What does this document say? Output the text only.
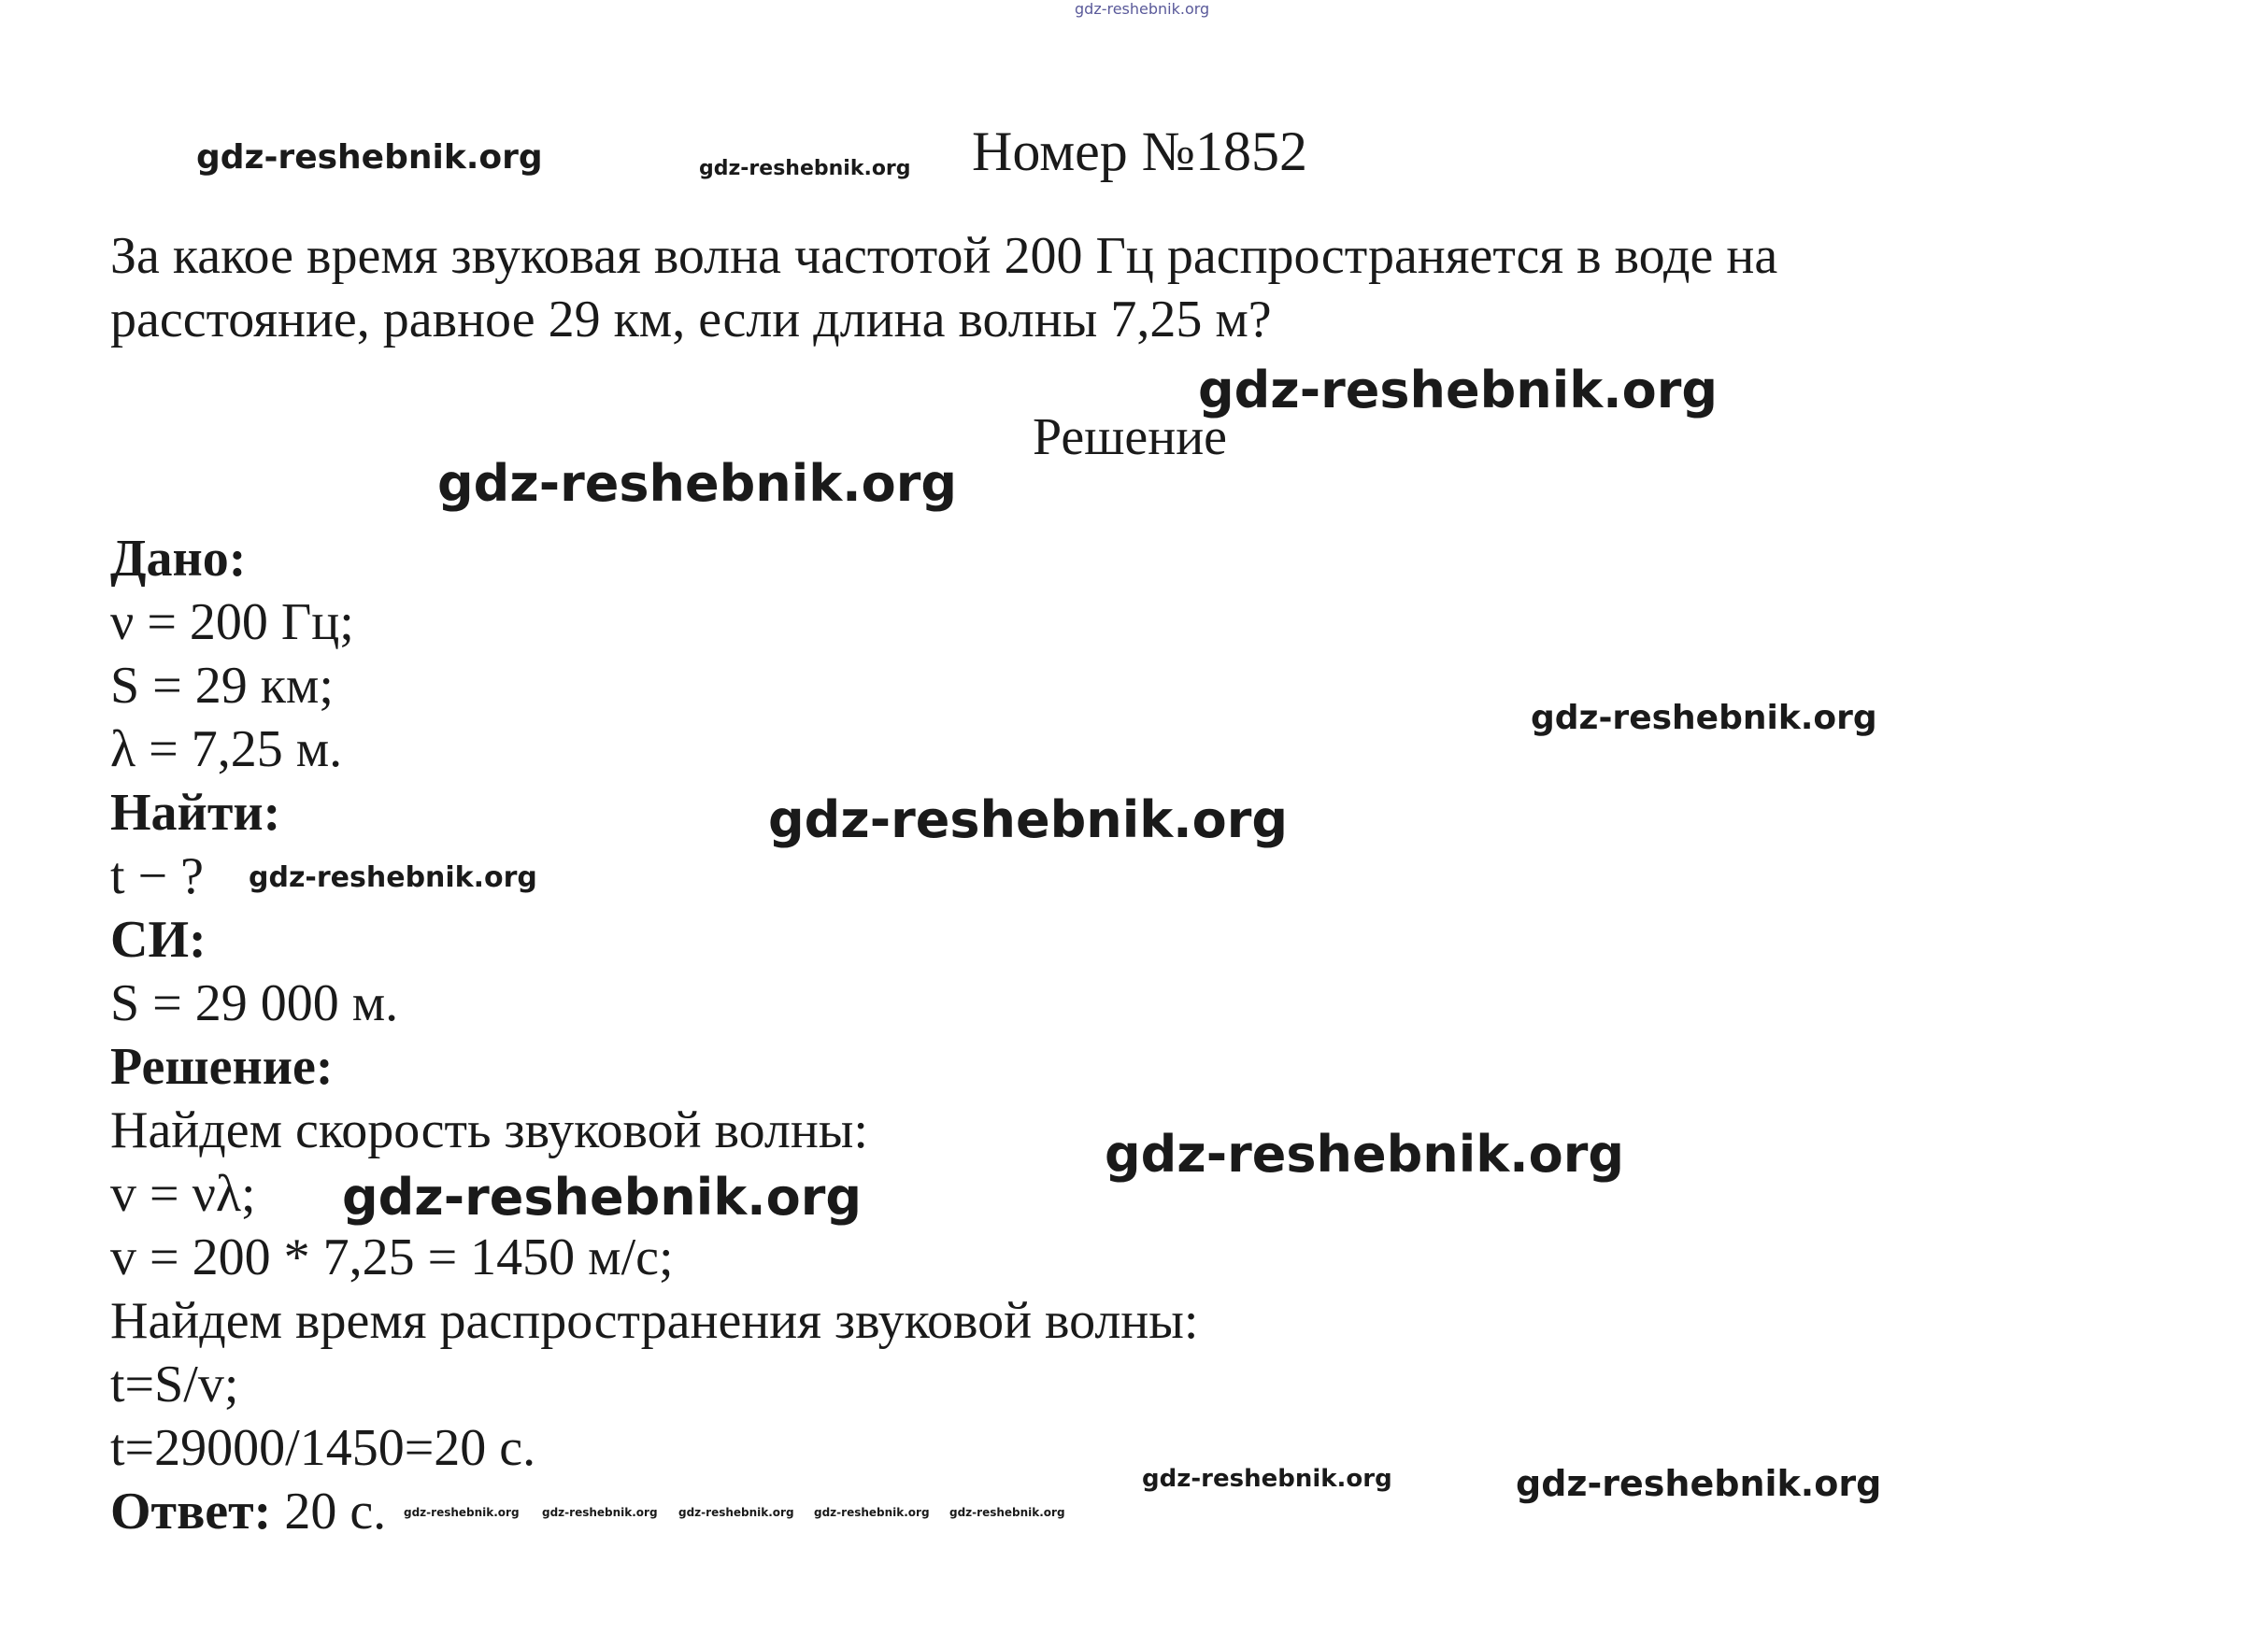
gdz-reshebnik.org
Номер №1852
За какое время звуковая волна частотой 200 Гц распространяется в воде на
расстояние, равное 29 км, если длина волны 7,25 м?
Решение
Дано:
ν = 200 Гц;
S = 29 км;
λ = 7,25 м.
Найти:
t − ?
СИ:
S = 29 000 м.
Решение:
Найдем скорость звуковой волны:
v = νλ;
v = 200 * 7,25 = 1450 м/с;
Найдем время распространения звуковой волны:
t=S/v;
t=29000/1450=20 с.
Ответ: 20 с.
gdz-reshebnik.org	gdz-reshebnik.org
gdz-reshebnik.org
gdz-reshebnik.org
gdz-reshebnik.org
gdz-reshebnik.org
gdz-reshebnik.org
gdz-reshebnik.org
gdz-reshebnik.org
gdz-reshebnik.org	gdz-reshebnik.org
gdz-reshebnik.org gdz-reshebnik.org gdz-reshebnik.org gdz-reshebnik.org gdz-reshebnik.org
